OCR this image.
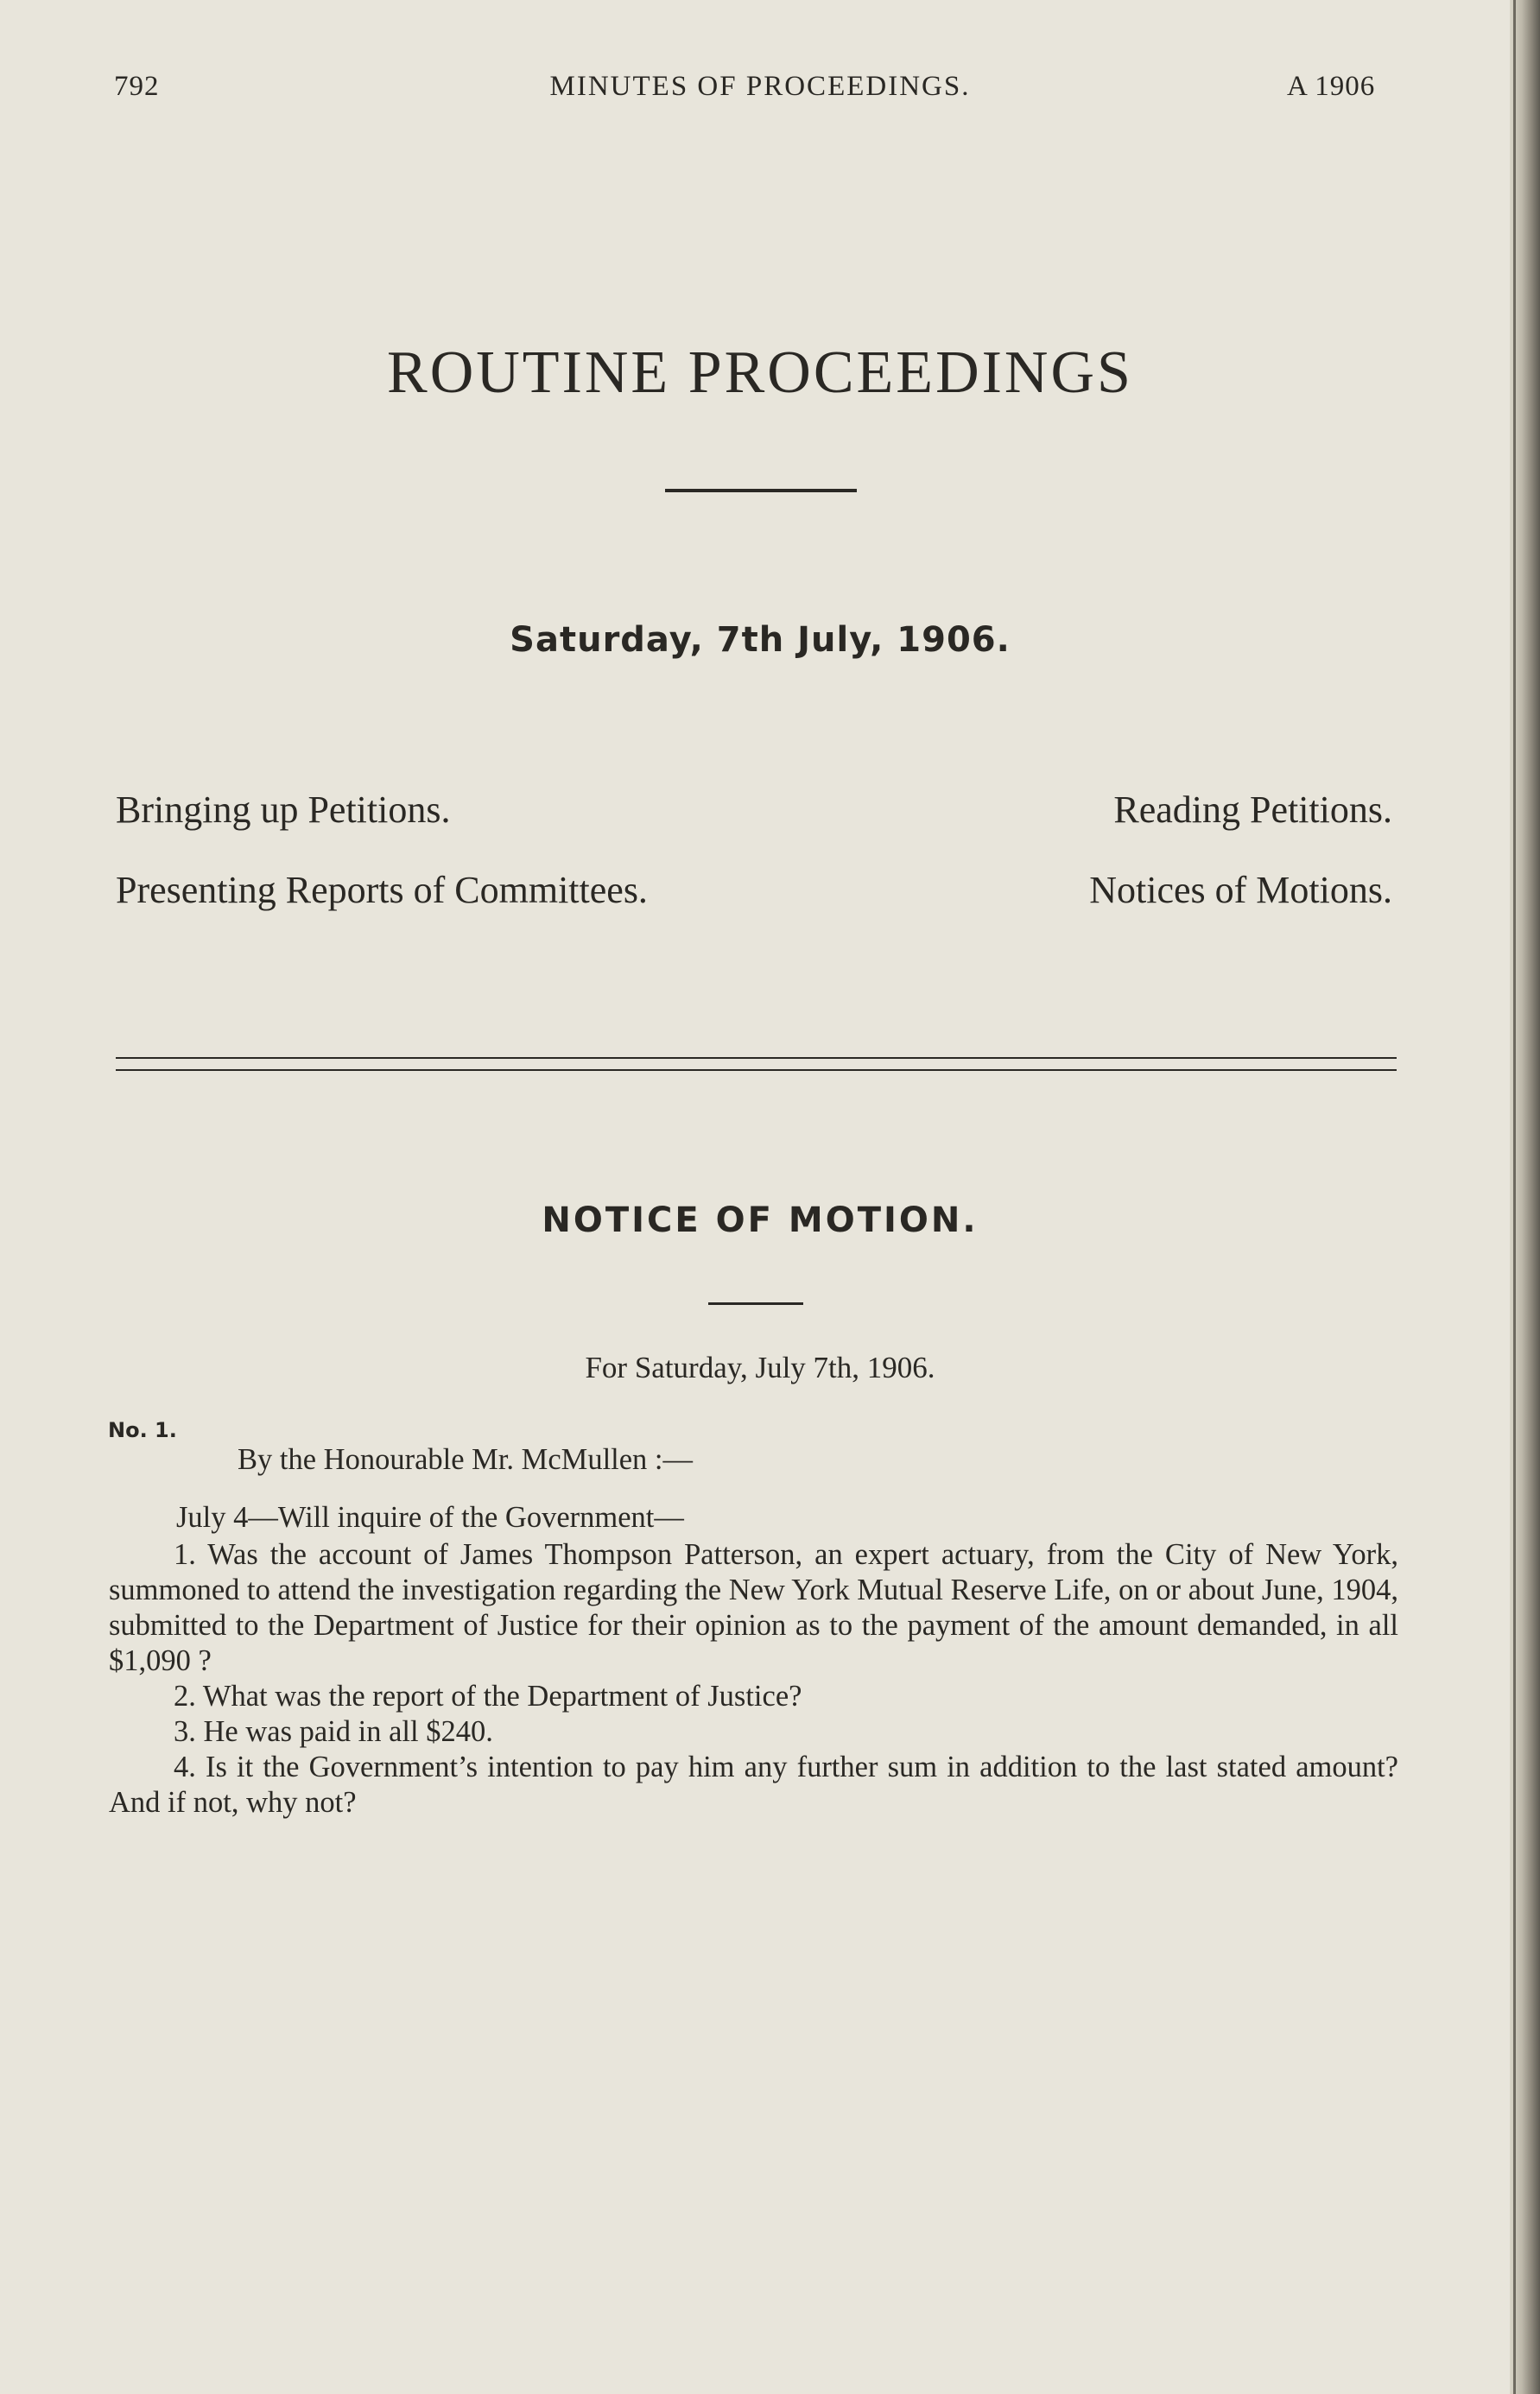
792	MINUTES OF PROCEEDINGS.	A 1906
ROUTINE PROCEEDINGS
Saturday, 7th July, 1906.
Bringing up Petitions.	Reading Petitions.
Presenting Reports of Committees.	Notices of Motions.
NOTICE OF MOTION.
For Saturday, July 7th, 1906.
No. 1.
By the Honourable Mr. McMullen :—
July 4—Will inquire of the Government—

1. Was the account of James Thompson Patterson, an expert actuary, from the City of New York, summoned to attend the investigation regarding the New York Mutual Reserve Life, on or about June, 1904, submitted to the Department of Justice for their opinion as to the payment of the amount demanded, in all $1,090 ?

2. What was the report of the Department of Justice?

3. He was paid in all $240.

4. Is it the Government’s intention to pay him any further sum in addition to the last stated amount? And if not, why not?
